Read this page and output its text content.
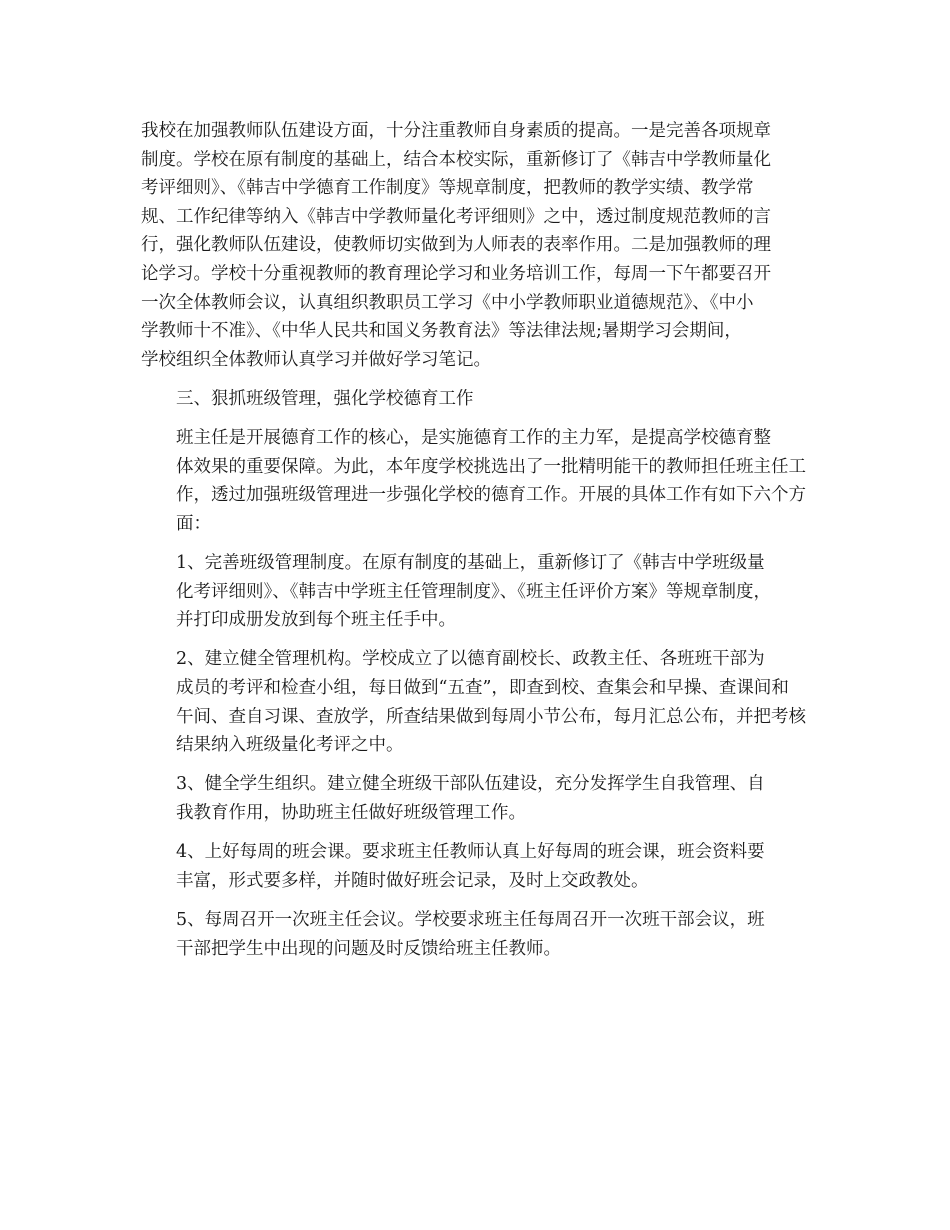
我校在加强教师队伍建设方面，十分注重教师自身素质的提高。一是完善各项规章
制度。学校在原有制度的基础上，结合本校实际，重新修订了《韩吉中学教师量化
考评细则》、《韩吉中学德育工作制度》等规章制度，把教师的教学实绩、教学常
规、工作纪律等纳入《韩吉中学教师量化考评细则》之中，透过制度规范教师的言
行，强化教师队伍建设，使教师切实做到为人师表的表率作用。二是加强教师的理
论学习。学校十分重视教师的教育理论学习和业务培训工作，每周一下午都要召开
一次全体教师会议，认真组织教职员工学习《中小学教师职业道德规范》、《中小
学教师十不准》、《中华人民共和国义务教育法》等法律法规;暑期学习会期间，
学校组织全体教师认真学习并做好学习笔记。

三、狠抓班级管理，强化学校德育工作

班主任是开展德育工作的核心，是实施德育工作的主力军，是提高学校德育整
体效果的重要保障。为此，本年度学校挑选出了一批精明能干的教师担任班主任工
作，透过加强班级管理进一步强化学校的德育工作。开展的具体工作有如下六个方
面：

1、完善班级管理制度。在原有制度的基础上，重新修订了《韩吉中学班级量
化考评细则》、《韩吉中学班主任管理制度》、《班主任评价方案》等规章制度，
并打印成册发放到每个班主任手中。

2、建立健全管理机构。学校成立了以德育副校长、政教主任、各班班干部为
成员的考评和检查小组，每日做到“五查”，即查到校、查集会和早操、查课间和
午间、查自习课、查放学，所查结果做到每周小节公布，每月汇总公布，并把考核
结果纳入班级量化考评之中。

3、健全学生组织。建立健全班级干部队伍建设，充分发挥学生自我管理、自
我教育作用，协助班主任做好班级管理工作。

4、上好每周的班会课。要求班主任教师认真上好每周的班会课，班会资料要
丰富，形式要多样，并随时做好班会记录，及时上交政教处。

5、每周召开一次班主任会议。学校要求班主任每周召开一次班干部会议，班
干部把学生中出现的问题及时反馈给班主任教师。
